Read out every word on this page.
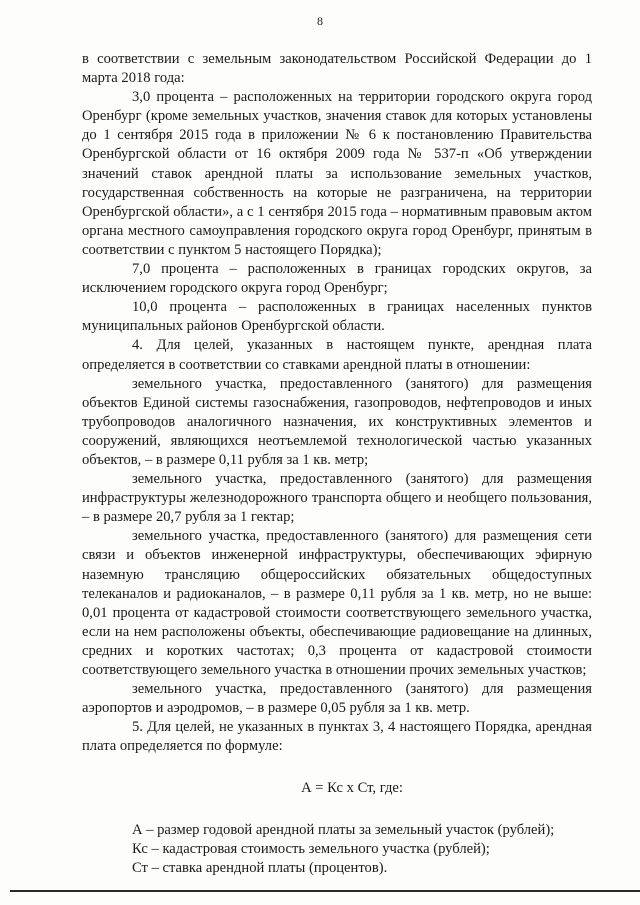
8

в соответствии с земельным законодательством Российской Федерации до 1 марта 2018 года:

3,0 процента – расположенных на территории городского округа город Оренбург (кроме земельных участков, значения ставок для которых установлены до 1 сентября 2015 года в приложении № 6 к постановлению Правительства Оренбургской области от 16 октября 2009 года № 537-п «Об утверждении значений ставок арендной платы за использование земельных участков, государственная собственность на которые не разграничена, на территории Оренбургской области», а с 1 сентября 2015 года – нормативным правовым актом органа местного самоуправления городского округа город Оренбург, принятым в соответствии с пунктом 5 настоящего Порядка);

7,0 процента – расположенных в границах городских округов, за исключением городского округа город Оренбург;

10,0 процента – расположенных в границах населенных пунктов муниципальных районов Оренбургской области.

4. Для целей, указанных в настоящем пункте, арендная плата определяется в соответствии со ставками арендной платы в отношении:

земельного участка, предоставленного (занятого) для размещения объектов Единой системы газоснабжения, газопроводов, нефтепроводов и иных трубопроводов аналогичного назначения, их конструктивных элементов и сооружений, являющихся неотъемлемой технологической частью указанных объектов, – в размере 0,11 рубля за 1 кв. метр;

земельного участка, предоставленного (занятого) для размещения инфраструктуры железнодорожного транспорта общего и необщего пользования, – в размере 20,7 рубля за 1 гектар;

земельного участка, предоставленного (занятого) для размещения сети связи и объектов инженерной инфраструктуры, обеспечивающих эфирную наземную трансляцию общероссийских обязательных общедоступных телеканалов и радиоканалов, – в размере 0,11 рубля за 1 кв. метр, но не выше: 0,01 процента от кадастровой стоимости соответствующего земельного участка, если на нем расположены объекты, обеспечивающие радиовещание на длинных, средних и коротких частотах; 0,3 процента от кадастровой стоимости соответствующего земельного участка в отношении прочих земельных участков;

земельного участка, предоставленного (занятого) для размещения аэропортов и аэродромов, – в размере 0,05 рубля за 1 кв. метр.

5. Для целей, не указанных в пунктах 3, 4 настоящего Порядка, арендная плата определяется по формуле:

А = Кс х Ст, где:

А – размер годовой арендной платы за земельный участок (рублей);

Кс – кадастровая стоимость земельного участка (рублей);

Ст – ставка арендной платы (процентов).
